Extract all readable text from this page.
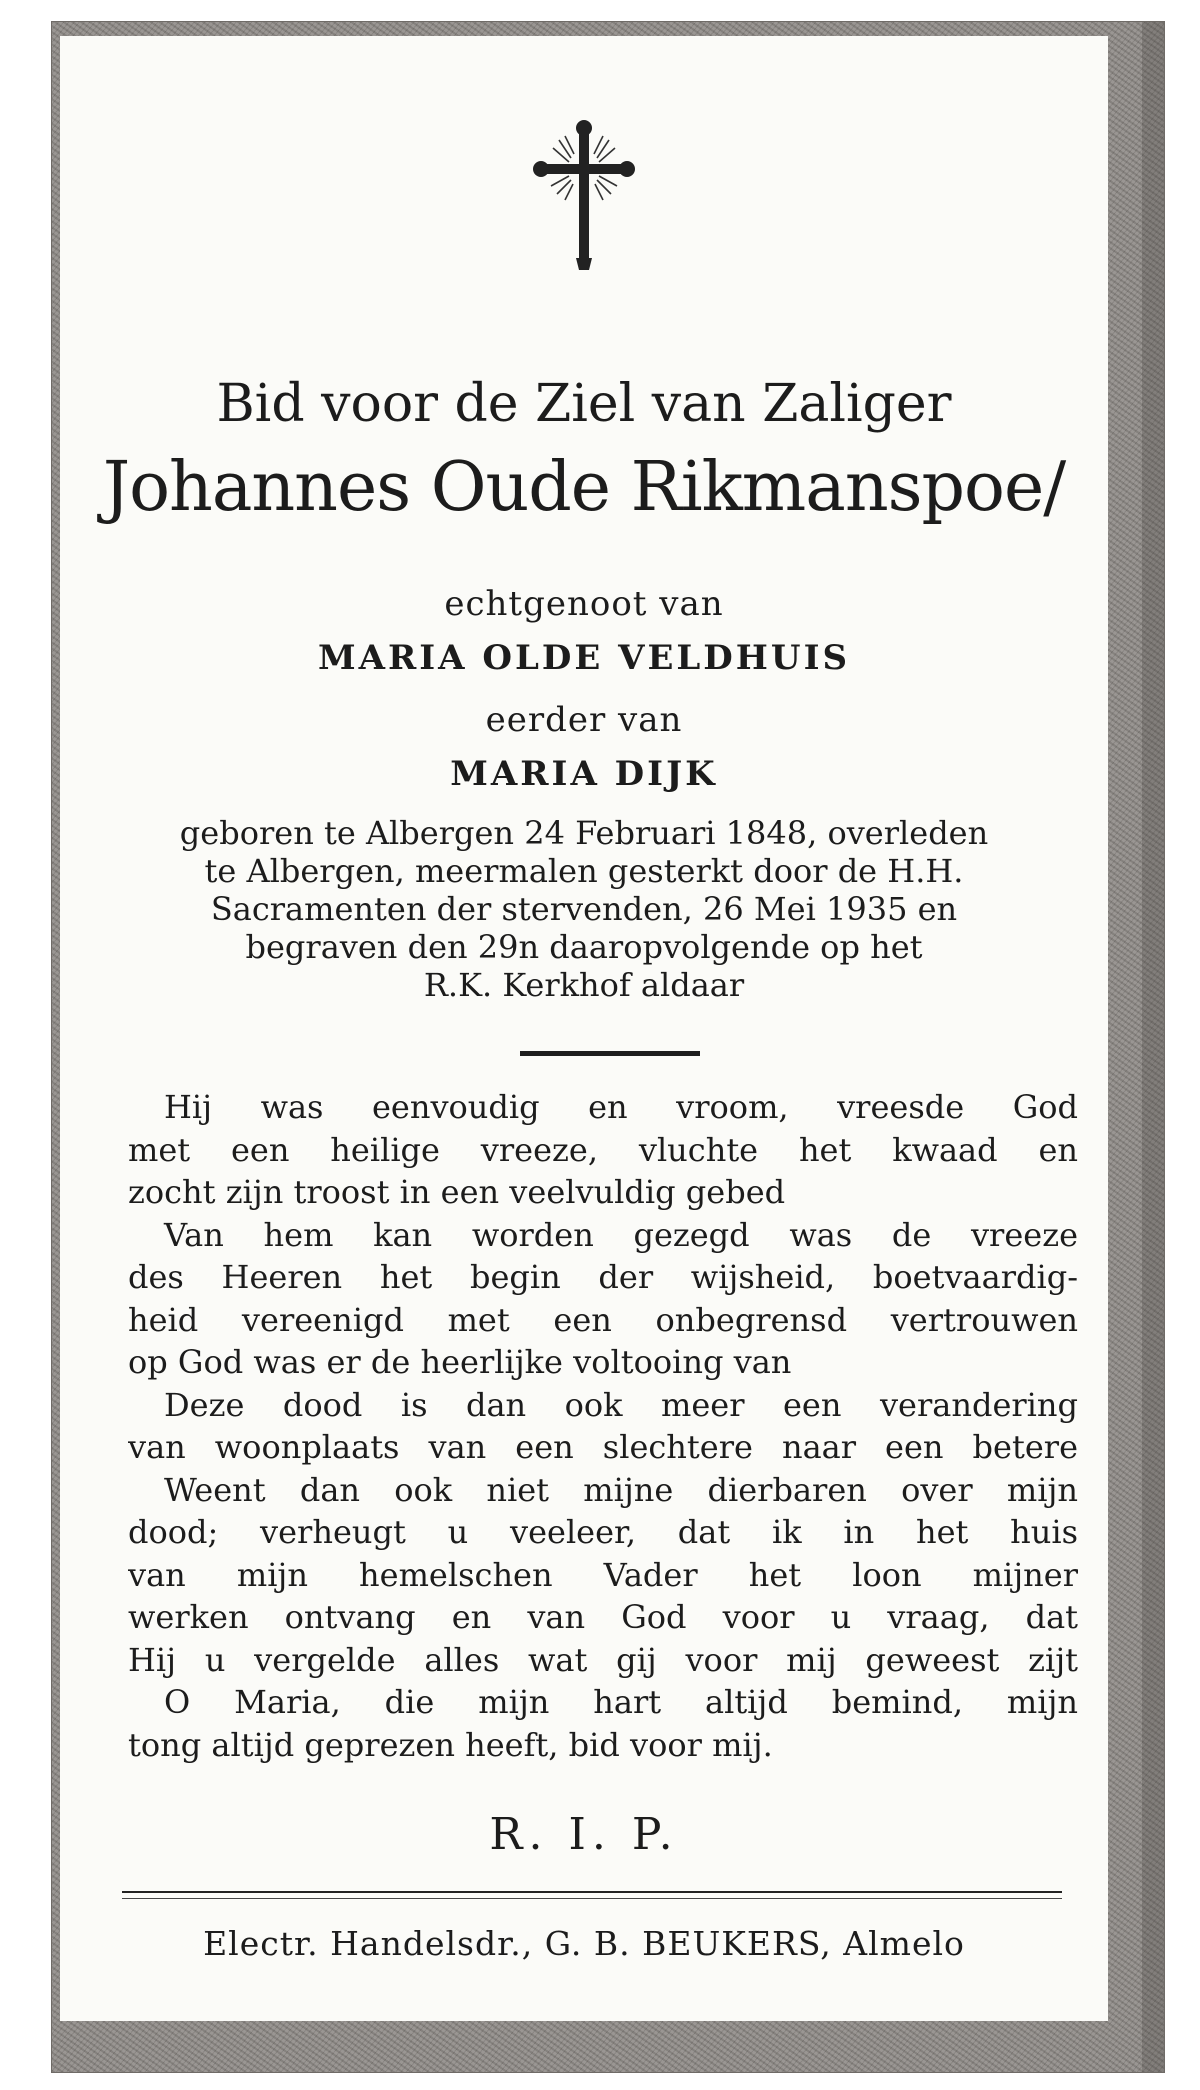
Bid voor de Ziel van Zaliger
Johannes Oude Rikmanspoe/
echtgenoot van
MARIA OLDE VELDHUIS
eerder van
MARIA DIJK
geboren te Albergen 24 Februari 1848, overleden
te Albergen, meermalen gesterkt door de H.H.
Sacramenten der stervenden, 26 Mei 1935 en
begraven den 29n daaropvolgende op het
R.K. Kerkhof aldaar
Hij was eenvoudig en vroom, vreesde God
met een heilige vreeze, vluchte het kwaad en
zocht zijn troost in een veelvuldig gebed
Van hem kan worden gezegd was de vreeze
des Heeren het begin der wijsheid, boetvaardig-
heid vereenigd met een onbegrensd vertrouwen
op God was er de heerlijke voltooing van
Deze dood is dan ook meer een verandering
van woonplaats van een slechtere naar een betere
Weent dan ook niet mijne dierbaren over mijn
dood; verheugt u veeleer, dat ik in het huis
van mijn hemelschen Vader het loon mijner
werken ontvang en van God voor u vraag, dat
Hij u vergelde alles wat gij voor mij geweest zijt
O Maria, die mijn hart altijd bemind, mijn
tong altijd geprezen heeft, bid voor mij.
R. I. P.
Electr. Handelsdr., G. B. BEUKERS, Almelo
